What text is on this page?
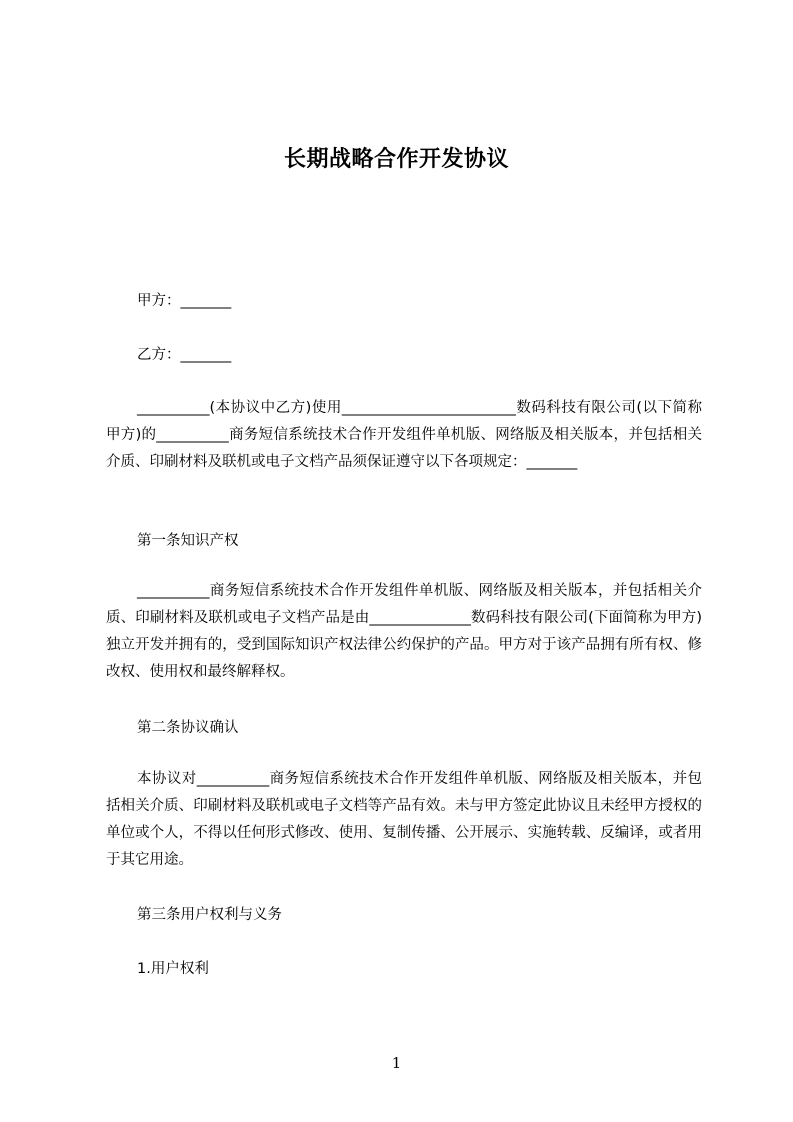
长期战略合作开发协议
甲方：_______
乙方：_______
__________(本协议中乙方)使用________________________数码科技有限公司(以下简称甲方)的__________商务短信系统技术合作开发组件单机版、网络版及相关版本，并包括相关介质、印刷材料及联机或电子文档产品须保证遵守以下各项规定：_______
第一条知识产权
__________商务短信系统技术合作开发组件单机版、网络版及相关版本，并包括相关介质、印刷材料及联机或电子文档产品是由______________数码科技有限公司(下面简称为甲方)独立开发并拥有的，受到国际知识产权法律公约保护的产品。甲方对于该产品拥有所有权、修改权、使用权和最终解释权。
第二条协议确认
本协议对__________商务短信系统技术合作开发组件单机版、网络版及相关版本，并包括相关介质、印刷材料及联机或电子文档等产品有效。未与甲方签定此协议且未经甲方授权的单位或个人，不得以任何形式修改、使用、复制传播、公开展示、实施转载、反编译，或者用于其它用途。
第三条用户权利与义务
1.用户权利
1
